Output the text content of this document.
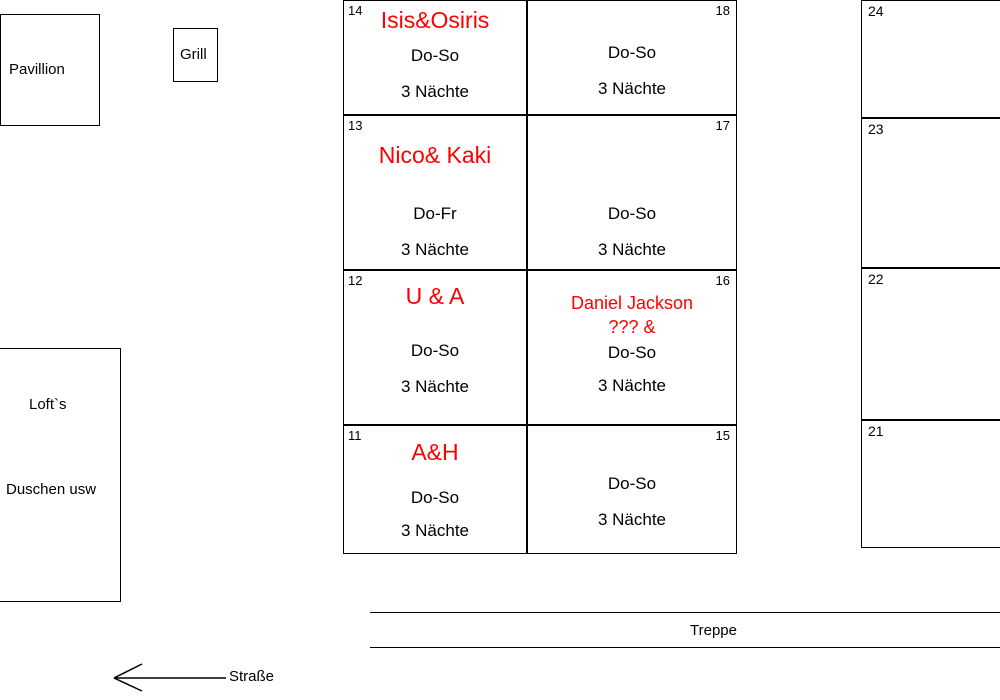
Pavillion
Grill
Loft`s
Duschen usw
14 Isis&Osiris
Do-So
3 Nächte
13
Nico& Kaki
Do-Fr
3 Nächte
12
U & A
Do-So
3 Nächte
11
A&H
Do-So
3 Nächte
18
Do-So
3 Nächte
17
Do-So
3 Nächte
16
Daniel Jackson
??? &
Do-So
3 Nächte
15
Do-So
3 Nächte
24
23
22
21
Treppe
Straße
